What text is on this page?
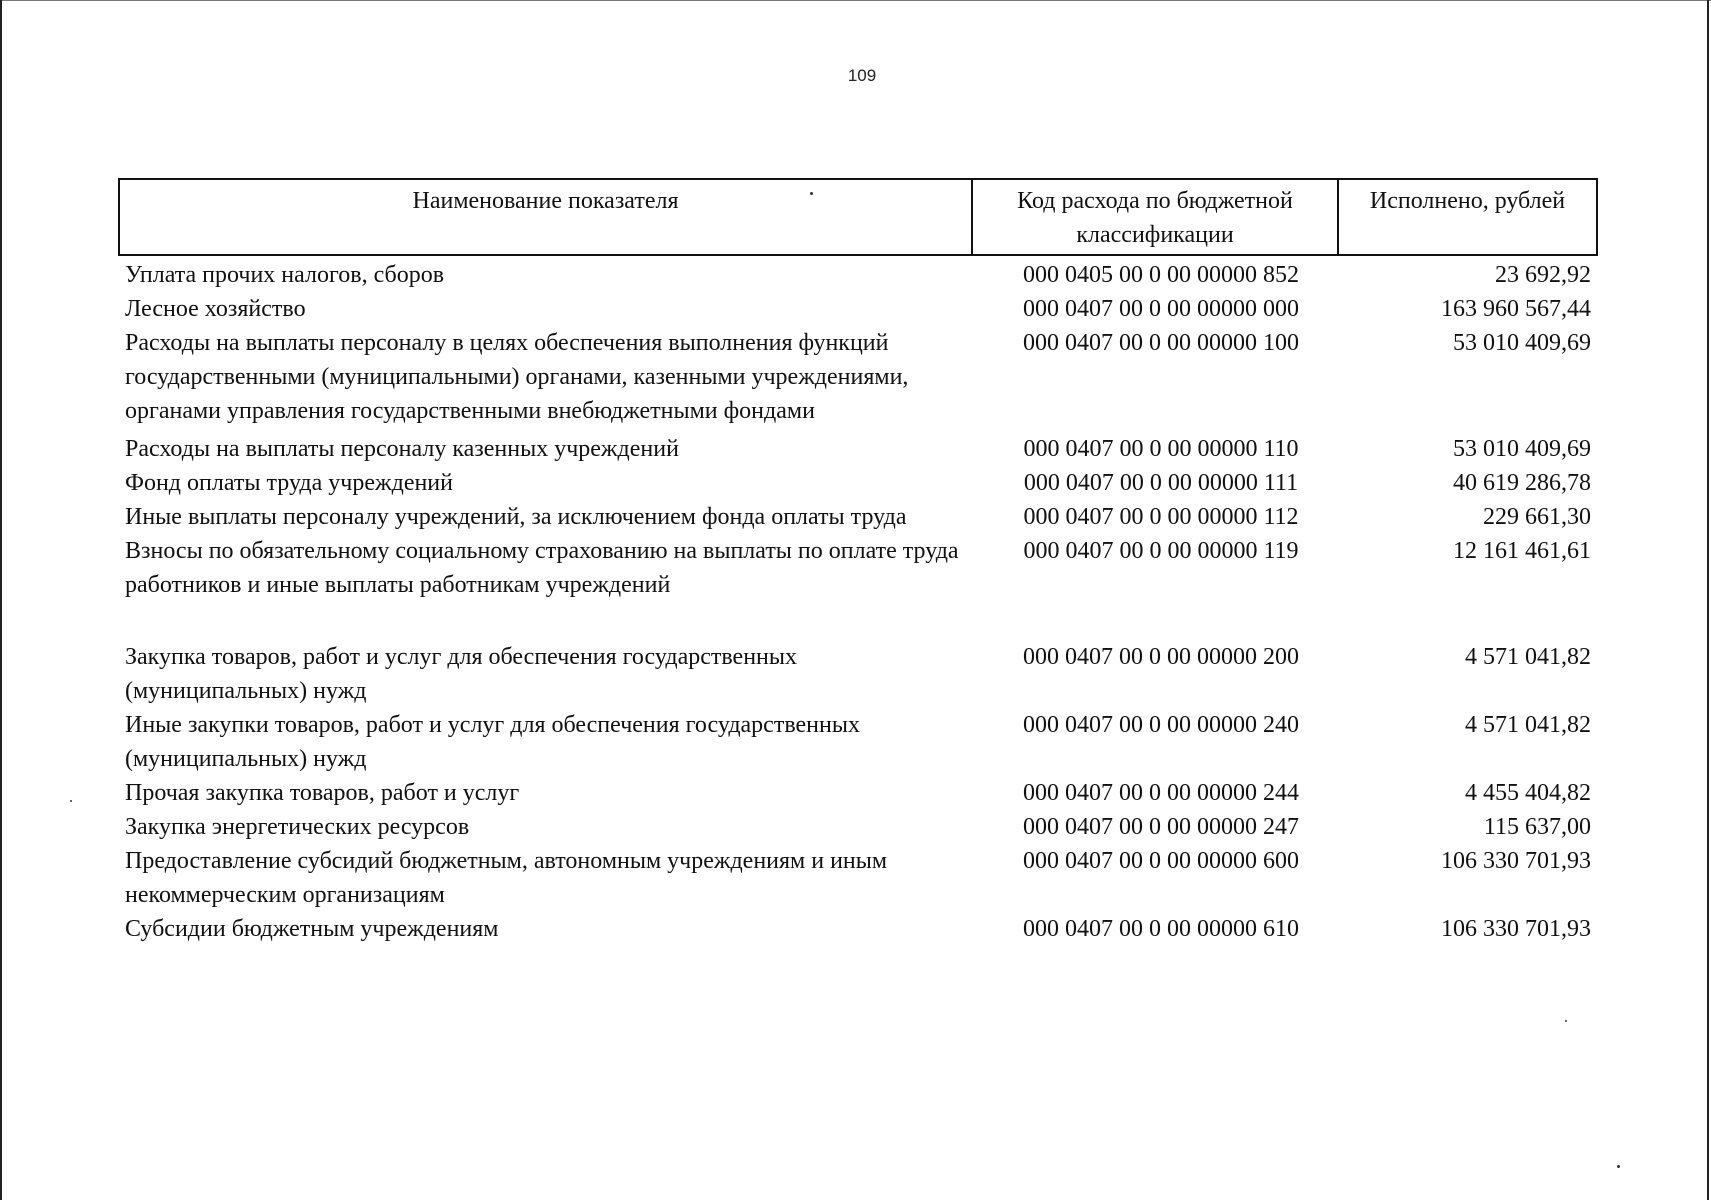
109
Наименование показателя	Код расхода по бюджетной классификации	Исполнено, рублей
Уплата прочих налогов, сборов	000 0405 00 0 00 00000 852	23 692,92
Лесное хозяйство	000 0407 00 0 00 00000 000	163 960 567,44
Расходы на выплаты персоналу в целях обеспечения выполнения функций государственными (муниципальными) органами, казенными учреждениями, органами управления государственными внебюджетными фондами	000 0407 00 0 00 00000 100	53 010 409,69
Расходы на выплаты персоналу казенных учреждений	000 0407 00 0 00 00000 110	53 010 409,69
Фонд оплаты труда учреждений	000 0407 00 0 00 00000 111	40 619 286,78
Иные выплаты персоналу учреждений, за исключением фонда оплаты труда	000 0407 00 0 00 00000 112	229 661,30
Взносы по обязательному социальному страхованию на выплаты по оплате труда работников и иные выплаты работникам учреждений	000 0407 00 0 00 00000 119	12 161 461,61
Закупка товаров, работ и услуг для обеспечения государственных (муниципальных) нужд	000 0407 00 0 00 00000 200	4 571 041,82
Иные закупки товаров, работ и услуг для обеспечения государственных (муниципальных) нужд	000 0407 00 0 00 00000 240	4 571 041,82
Прочая закупка товаров, работ и услуг	000 0407 00 0 00 00000 244	4 455 404,82
Закупка энергетических ресурсов	000 0407 00 0 00 00000 247	115 637,00
Предоставление субсидий бюджетным, автономным учреждениям и иным некоммерческим организациям	000 0407 00 0 00 00000 600	106 330 701,93
Субсидии бюджетным учреждениям	000 0407 00 0 00 00000 610	106 330 701,93
